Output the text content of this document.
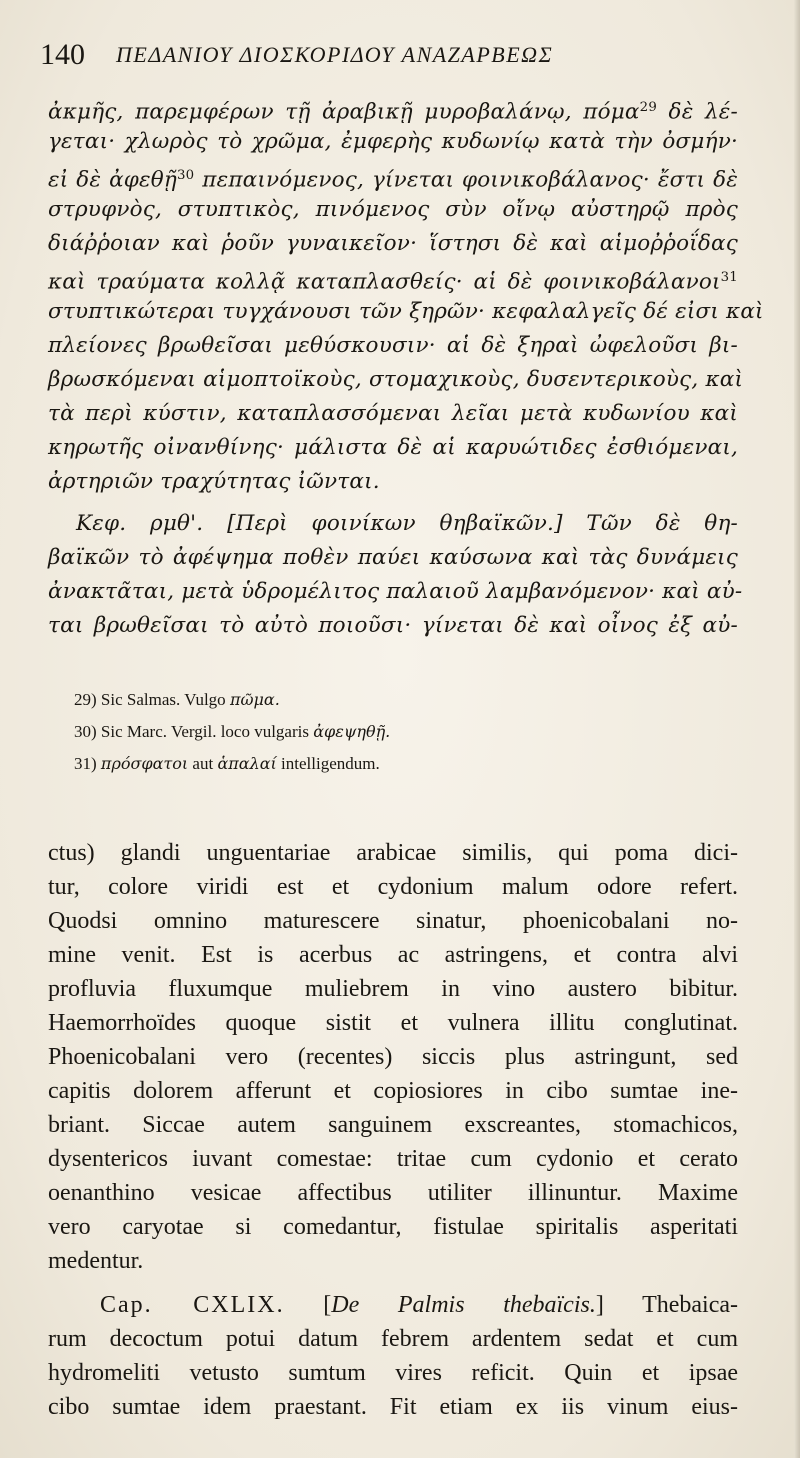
140 ΠΕΔΑΝΙΟΥ ΔΙΟΣΚΟΡΙΔΟΥ ΑΝΑΖΑΡΒΕΩΣ
ἀκμῆς, παρεμφέρων τῇ ἀραβικῇ μυροβαλάνῳ, πόμα$^{29}$ δὲ λέ-
γεται· χλωρὸς τὸ χρῶμα, ἐμφερὴς κυδωνίῳ κατὰ τὴν ὀσμήν·
εἰ δὲ ἀφεθῇ$^{30}$ πεπαινόμενος, γίνεται φοινικοβάλανος· ἔστι δὲ
στρυφνὸς, στυπτικὸς, πινόμενος σὺν οἴνῳ αὐστηρῷ πρὸς
διάῤῥοιαν καὶ ῥοῦν γυναικεῖον· ἵστησι δὲ καὶ αἱμοῤῥοΐδας
καὶ τραύματα κολλᾷ καταπλασθείς· αἱ δὲ φοινικοβάλανοι$^{31}$
στυπτικώτεραι τυγχάνουσι τῶν ξηρῶν· κεφαλαλγεῖς δέ εἰσι καὶ
πλείονες βρωθεῖσαι μεθύσκουσιν· αἱ δὲ ξηραὶ ὠφελοῦσι βι-
βρωσκόμεναι αἱμοπτοϊκοὺς, στομαχικοὺς, δυσεντερικοὺς, καὶ
τὰ περὶ κύστιν, καταπλασσόμεναι λεῖαι μετὰ κυδωνίου καὶ
κηρωτῆς οἰνανθίνης· μάλιστα δὲ αἱ καρυώτιδες ἐσθιόμεναι,
ἀρτηριῶν τραχύτητας ἰῶνται.
Κεφ. ρμθ'. [Περὶ φοινίκων θηβαϊκῶν.] Τῶν δὲ θη-
βαϊκῶν τὸ ἀφέψημα ποθὲν παύει καύσωνα καὶ τὰς δυνάμεις
ἀνακτᾶται, μετὰ ὑδρομέλιτος παλαιοῦ λαμβανόμενον· καὶ αὐ-
ται βρωθεῖσαι τὸ αὐτὸ ποιοῦσι· γίνεται δὲ καὶ οἶνος ἐξ αὐ-
29) Sic Salmas. Vulgo πῶμα.
30) Sic Marc. Vergil. loco vulgaris ἀφεψηθῇ.
31) πρόσφατοι aut ἁπαλαί intelligendum.
ctus) glandi unguentariae arabicae similis, qui poma dici-
tur, colore viridi est et cydonium malum odore refert.
Quodsi omnino maturescere sinatur, phoenicobalani no-
mine venit. Est is acerbus ac astringens, et contra alvi
profluvia fluxumque muliebrem in vino austero bibitur.
Haemorrhoïdes quoque sistit et vulnera illitu conglutinat.
Phoenicobalani vero (recentes) siccis plus astringunt, sed
capitis dolorem afferunt et copiosiores in cibo sumtae ine-
briant. Siccae autem sanguinem exscreantes, stomachicos,
dysentericos iuvant comestae: tritae cum cydonio et cerato
oenanthino vesicae affectibus utiliter illinuntur. Maxime
vero caryotae si comedantur, fistulae spiritalis asperitati
medentur.
Cap. CXLIX. [De Palmis thebaïcis.] Thebaica-
rum decoctum potui datum febrem ardentem sedat et cum
hydromeliti vetusto sumtum vires reficit. Quin et ipsae
cibo sumtae idem praestant. Fit etiam ex iis vinum eius-
